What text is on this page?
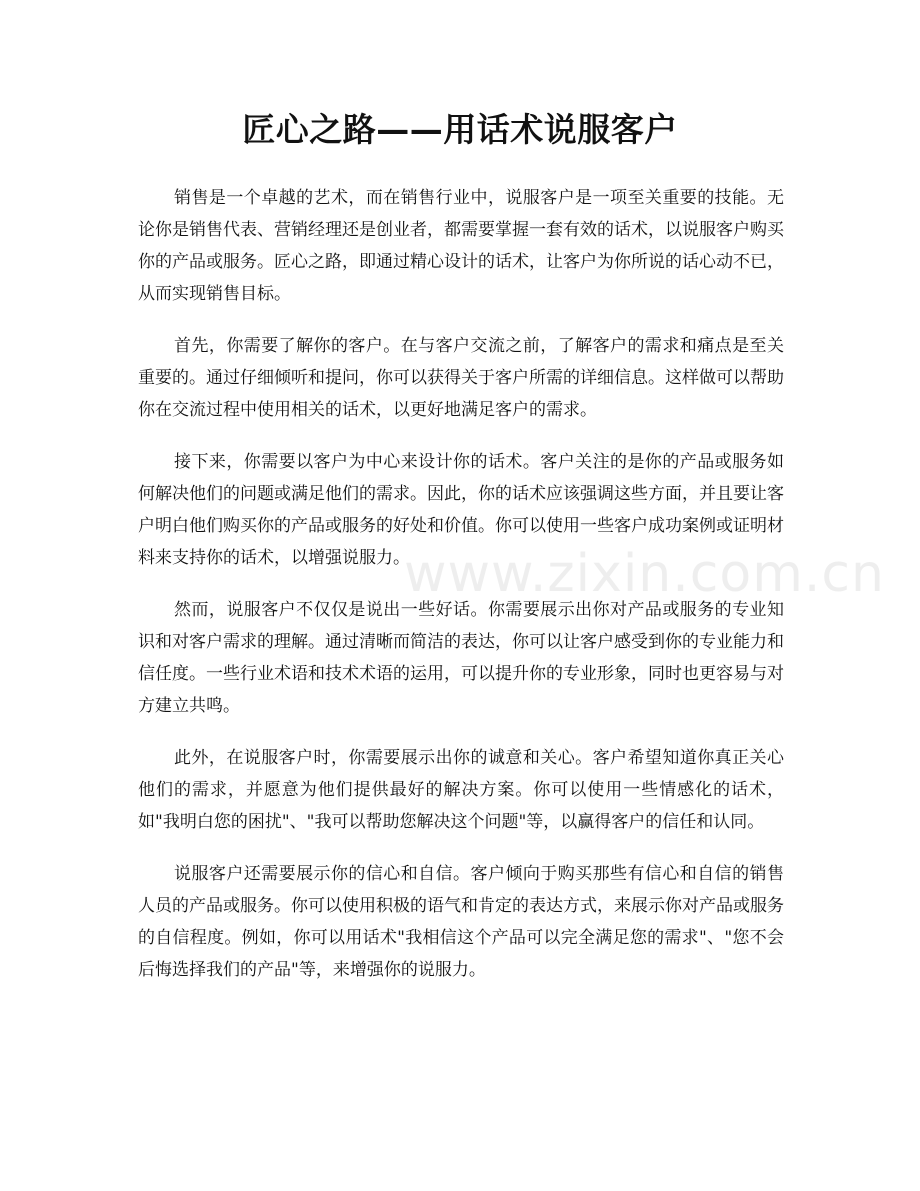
www.zixin.com.cn
匠心之路——用话术说服客户

销售是一个卓越的艺术，而在销售行业中，说服客户是一项至关重要的技能。无论你是销售代表、营销经理还是创业者，都需要掌握一套有效的话术，以说服客户购买你的产品或服务。匠心之路，即通过精心设计的话术，让客户为你所说的话心动不已，从而实现销售目标。

首先，你需要了解你的客户。在与客户交流之前，了解客户的需求和痛点是至关重要的。通过仔细倾听和提问，你可以获得关于客户所需的详细信息。这样做可以帮助你在交流过程中使用相关的话术，以更好地满足客户的需求。

接下来，你需要以客户为中心来设计你的话术。客户关注的是你的产品或服务如何解决他们的问题或满足他们的需求。因此，你的话术应该强调这些方面，并且要让客户明白他们购买你的产品或服务的好处和价值。你可以使用一些客户成功案例或证明材料来支持你的话术，以增强说服力。

然而，说服客户不仅仅是说出一些好话。你需要展示出你对产品或服务的专业知识和对客户需求的理解。通过清晰而简洁的表达，你可以让客户感受到你的专业能力和信任度。一些行业术语和技术术语的运用，可以提升你的专业形象，同时也更容易与对方建立共鸣。

此外，在说服客户时，你需要展示出你的诚意和关心。客户希望知道你真正关心他们的需求，并愿意为他们提供最好的解决方案。你可以使用一些情感化的话术，如"我明白您的困扰"、"我可以帮助您解决这个问题"等，以赢得客户的信任和认同。

说服客户还需要展示你的信心和自信。客户倾向于购买那些有信心和自信的销售人员的产品或服务。你可以使用积极的语气和肯定的表达方式，来展示你对产品或服务的自信程度。例如，你可以用话术"我相信这个产品可以完全满足您的需求"、"您不会后悔选择我们的产品"等，来增强你的说服力。
